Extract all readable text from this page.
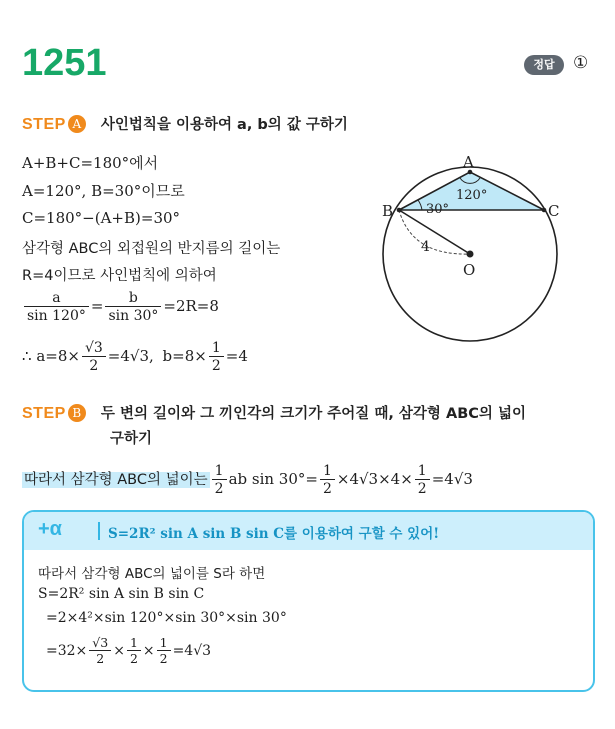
1251	정답	①
STEP A 사인법칙을 이용하여 a, b의 값 구하기
A+B+C=180°에서
A=120°, B=30°이므로
C=180°−(A+B)=30°
삼각형 ABC의 외접원의 반지름의 길이는
R=4이므로 사인법칙에 의하여
$\frac{a}{\sin 120^\circ} = \frac{b}{\sin 30^\circ} =2R=8$
∴ $a=8\times \frac{√3}{2} =4√3$, $b=8\times \frac{1}{2} =4$
A
B	C
O
120°
30°
4
STEP B 두 변의 길이와 그 끼인각의 크기가 주어질 때, 삼각형 ABC의 넓이
구하기
따라서 삼각형 ABC의 넓이는 $\frac{1}{2}$ ab $\sin 30^\circ= \frac{1}{2} \times 4√3\times 4\times \frac{1}{2} =4√3$
+α	S=2R² sin A sin B sin C를 이용하여 구할 수 있어!
따라서 삼각형 ABC의 넓이를 S라 하면
S=2R² sin A sin B sin C
=2×4²×sin 120°×sin 30°×sin 30°
$=32\times \frac{√3}{2} \times \frac{1}{2} \times \frac{1}{2} =4√3$
